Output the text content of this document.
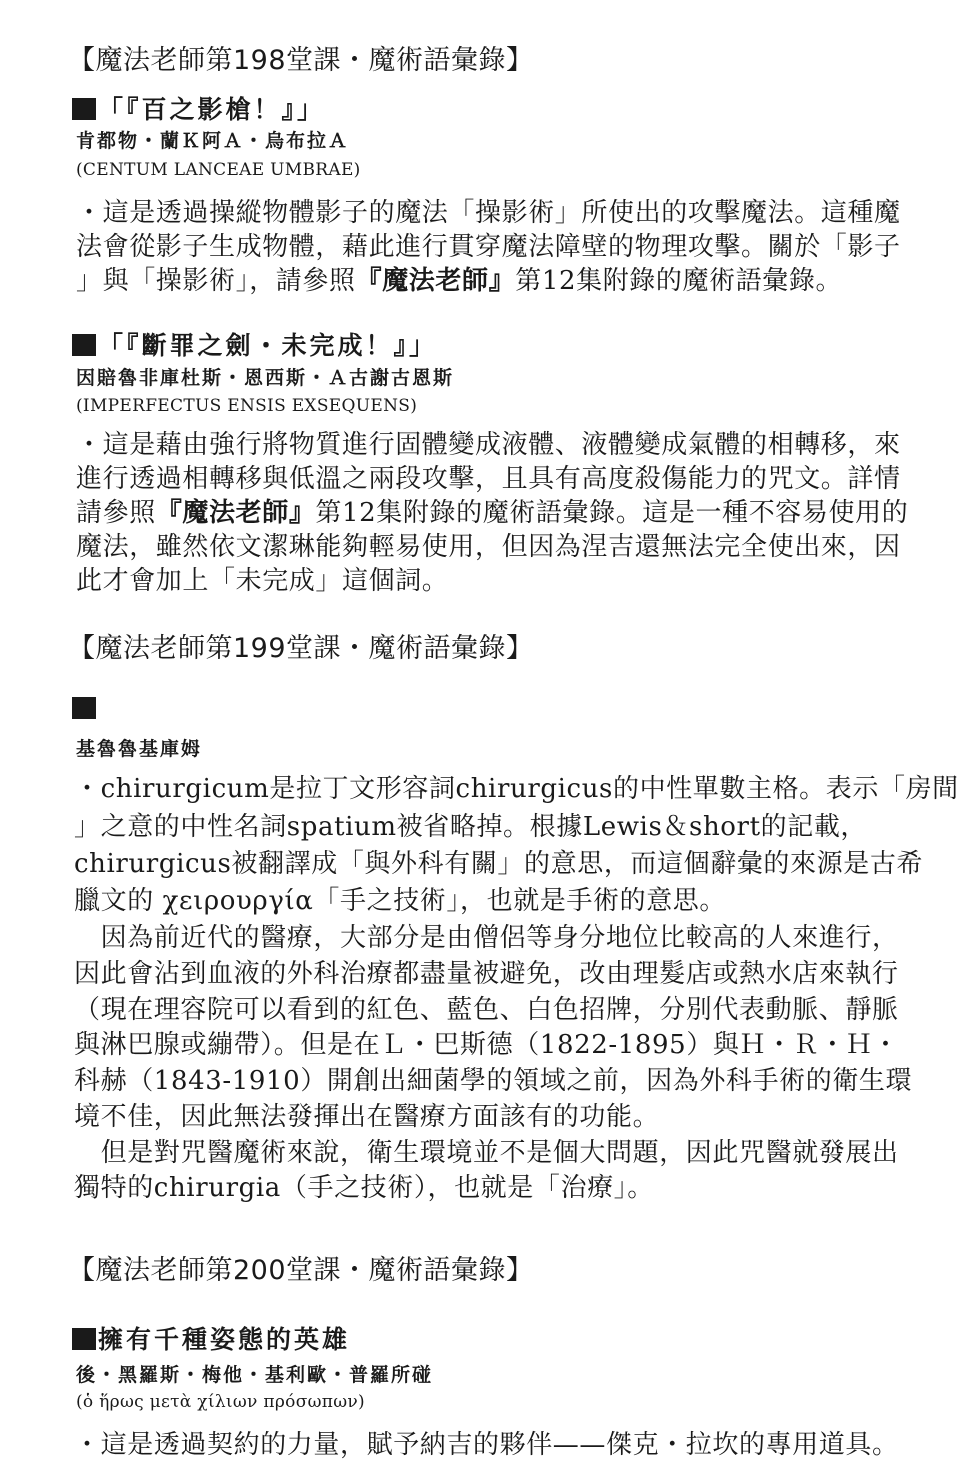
【魔法老師第198堂課・魔術語彙錄】
「『百之影槍！』」
肯都物・蘭Ｋ阿Ａ・烏布拉Ａ
(CENTUM LANCEAE UMBRAE)
・這是透過操縱物體影子的魔法「操影術」所使出的攻擊魔法。這種魔
法會從影子生成物體，藉此進行貫穿魔法障壁的物理攻擊。關於「影子
」與「操影術」，請參照『魔法老師』第12集附錄的魔術語彙錄。
「『斷罪之劍・未完成！』」
因賠魯非庫杜斯・恩西斯・Ａ古謝古恩斯
(IMPERFECTUS ENSIS EXSEQUENS)
・這是藉由強行將物質進行固體變成液體、液體變成氣體的相轉移，來
進行透過相轉移與低溫之兩段攻擊，且具有高度殺傷能力的咒文。詳情
請參照『魔法老師』第12集附錄的魔術語彙錄。這是一種不容易使用的
魔法，雖然依文潔琳能夠輕易使用，但因為涅吉還無法完全使出來，因
此才會加上「未完成」這個詞。
【魔法老師第199堂課・魔術語彙錄】
基魯魯基庫姆
・chirurgicum是拉丁文形容詞chirurgicus的中性單數主格。表示「房間
」之意的中性名詞spatium被省略掉。根據Lewis＆short的記載，
chirurgicus被翻譯成「與外科有關」的意思，而這個辭彙的來源是古希
臘文的 χειρουργία「手之技術」，也就是手術的意思。
　因為前近代的醫療，大部分是由僧侶等身分地位比較高的人來進行，
因此會沾到血液的外科治療都盡量被避免，改由理髮店或熱水店來執行
（現在理容院可以看到的紅色、藍色、白色招牌，分別代表動脈、靜脈
與淋巴腺或繃帶）。但是在Ｌ・巴斯德（1822-1895）與Ｈ・Ｒ・Ｈ・
科赫（1843-1910）開創出細菌學的領域之前，因為外科手術的衛生環
境不佳，因此無法發揮出在醫療方面該有的功能。
　但是對咒醫魔術來說，衛生環境並不是個大問題，因此咒醫就發展出
獨特的chirurgia（手之技術），也就是「治療」。
【魔法老師第200堂課・魔術語彙錄】
擁有千種姿態的英雄
後・黑羅斯・梅他・基利歐・普羅所碰
(ὁ ἥρως μετὰ χίλιων πρόσωπων)
・這是透過契約的力量，賦予納吉的夥伴——傑克・拉坎的專用道具。
